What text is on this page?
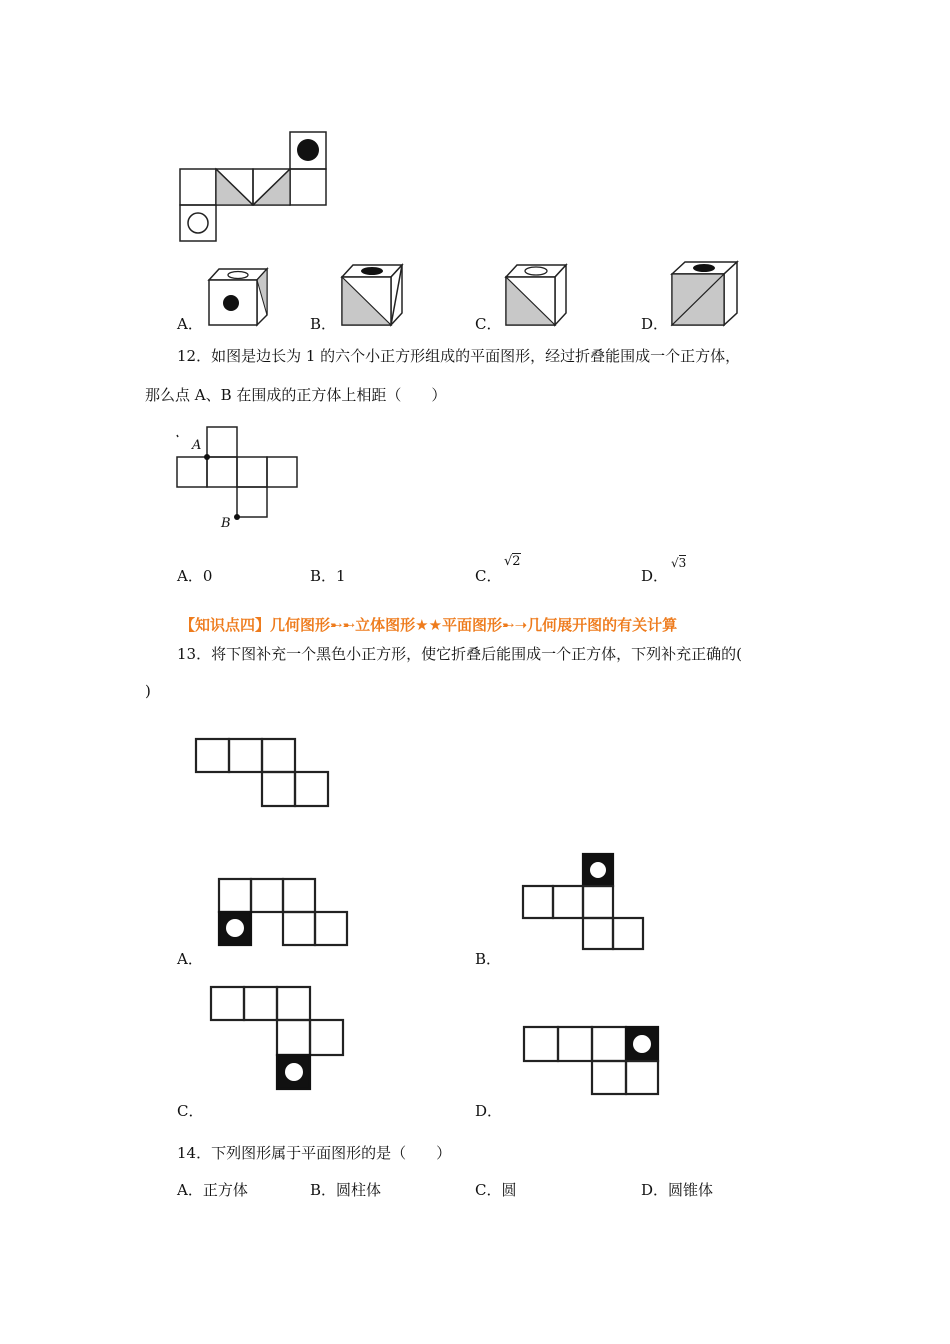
A．	B．	C．	D．
12．如图是边长为 1 的六个小正方形组成的平面图形，经过折叠能围成一个正方体，
那么点 A、B 在围成的正方体上相距（　　）
A
B
A．0	B．1	C．
√2
D．
√3
【知识点四】几何图形➸➸立体图形★★平面图形➸➝几何展开图的有关计算
13．将下图补充一个黑色小正方形，使它折叠后能围成一个正方体，下列补充正确的(
)
A．	B．
C．	D．
14．下列图形属于平面图形的是（　　）
A．正方体	B．圆柱体	C．圆	D．圆锥体
